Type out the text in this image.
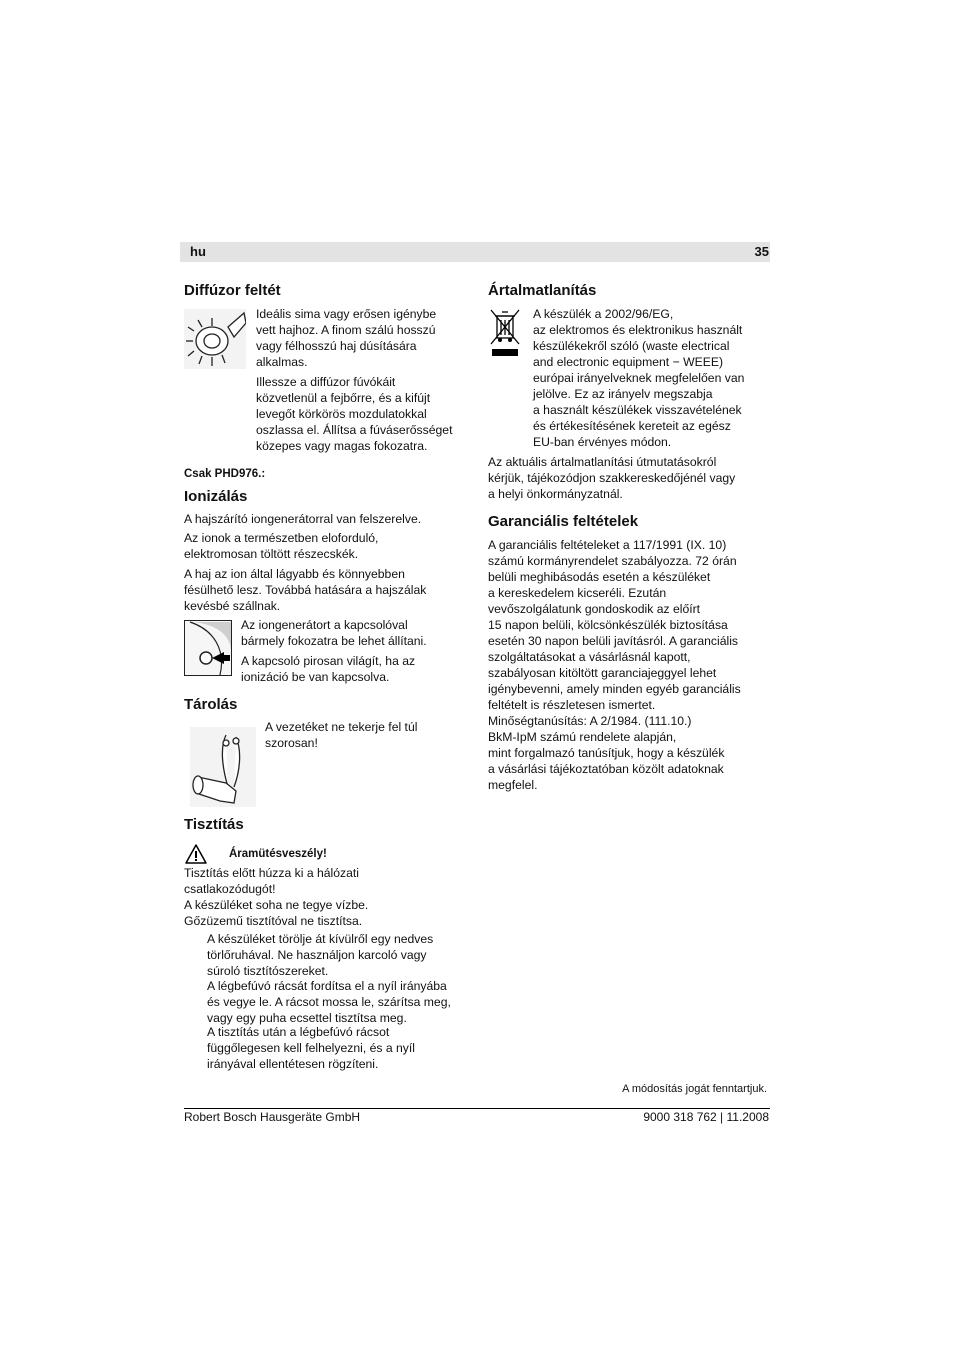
hu	35
Diffúzor feltét
Ideális sima vagy erősen igénybe
vett hajhoz. A finom szálú hosszú
vagy félhosszú haj dúsítására
alkalmas.
Illessze a diffúzor fúvókáit
közvetlenül a fejbőrre, és a kifújt
levegőt körkörös mozdulatokkal
oszlassa el. Állítsa a fúváserősséget
közepes vagy magas fokozatra.
Csak PHD976.:
Ionizálás
A hajszárító iongenerátorral van felszerelve.
Az ionok a természetben eloforduló,
elektromosan töltött részecskék.
A haj az ion által lágyabb és könnyebben
fésülhető lesz. Továbbá hatására a hajszálak
kevésbé szállnak.
Az iongenerátort a kapcsolóval
bármely fokozatra be lehet állítani.
A kapcsoló pirosan világít, ha az
ionizáció be van kapcsolva.
Tárolás
A vezetéket ne tekerje fel túl
szorosan!
Tisztítás
Áramütésveszély!
Tisztítás előtt húzza ki a hálózati
csatlakozódugót!
A készüléket soha ne tegye vízbe.
Gőzüzemű tisztítóval ne tisztítsa.
A készüléket törölje át kívülről egy nedves
törlőruhával. Ne használjon karcoló vagy
súroló tisztítószereket.
A légbefúvó rácsát fordítsa el a nyíl irányába
és vegye le. A rácsot mossa le, szárítsa meg,
vagy egy puha ecsettel tisztítsa meg.
A tisztítás után a légbefúvó rácsot
függőlegesen kell felhelyezni, és a nyíl
irányával ellentétesen rögzíteni.
Ártalmatlanítás
A készülék a 2002/96/EG,
az elektromos és elektronikus használt
készülékekről szóló (waste electrical
and electronic equipment − WEEE)
európai irányelveknek megfelelően van
jelölve. Ez az irányelv megszabja
a használt készülékek visszavételének
és értékesítésének kereteit az egész
EU-ban érvényes módon.
Az aktuális ártalmatlanítási útmutatásokról
kérjük, tájékozódjon szakkereskedőjénél vagy
a helyi önkormányzatnál.
Garanciális feltételek
A garanciális feltételeket a 117/1991 (IX. 10)
számú kormányrendelet szabályozza. 72 órán
belüli meghibásodás esetén a készüléket
a kereskedelem kicseréli. Ezután
vevőszolgálatunk gondoskodik az előírt
15 napon belüli, kölcsönkészülék biztosítása
esetén 30 napon belüli javításról. A garanciális
szolgáltatásokat a vásárlásnál kapott,
szabályosan kitöltött garanciajeggyel lehet
igénybevenni, amely minden egyéb garanciális
feltételt is részletesen ismertet.
Minőségtanúsítás: A 2/1984. (111.10.)
BkM-IpM számú rendelete alapján,
mint forgalmazó tanúsítjuk, hogy a készülék
a vásárlási tájékoztatóban közölt adatoknak
megfelel.
A módosítás jogát fenntartjuk.
Robert Bosch Hausgeräte GmbH	9000 318 762 | 11.2008
